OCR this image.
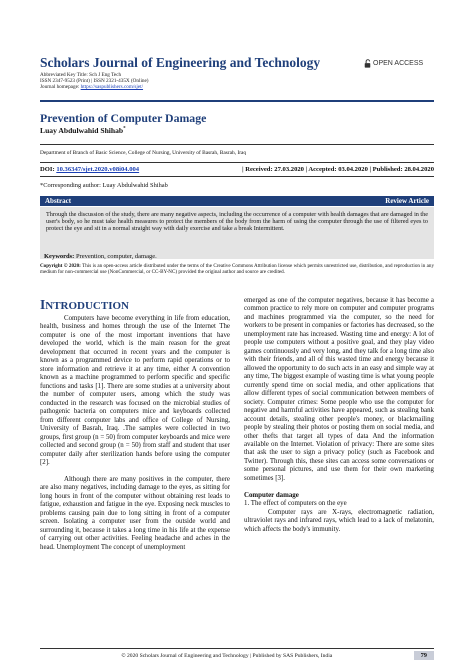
Scholars Journal of Engineering and Technology	OPEN ACCESS
Abbreviated Key Title: Sch J Eng Tech
ISSN 2347-9523 (Print) | ISSN 2321-435X (Online)
Journal homepage: https://saspublishers.com/sjet/
Prevention of Computer Damage
Luay Abdulwahid Shihab*
Department of Branch of Basic Science, College of Nursing, University of Basrah, Basrah, Iraq
DOI: 10.36347/sjet.2020.v08i04.004	| Received: 27.03.2020 | Accepted: 03.04.2020 | Published: 28.04.2020
*Corresponding author: Luay Abdulwahid Shihab
Abstract	Review Article
Through the discussion of the study, there are many negative aspects, including the occurrence of a computer with health damages that are damaged in the user's body, so he must take health measures to protect the members of the body from the harm of using the computer through the use of filtered eyes to protect the eye and sit in a normal straight way with daily exercise and take a break Intermittent.
Keywords: Prevention, computer, damage.
Copyright © 2020: This is an open-access article distributed under the terms of the Creative Commons Attribution license which permits unrestricted use, distribution, and reproduction in any medium for non-commercial use (NonCommercial, or CC-BY-NC) provided the original author and source are credited.
INTRODUCTION

Computers have become everything in life from education, health, business and homes through the use of the Internet The computer is one of the most important inventions that have developed the world, which is the main reason for the great development that occurred in recent years and the computer is known as a programmed device to perform rapid operations or to store information and retrieve it at any time, either A convention known as a machine programmed to perform specific and specific functions and tasks [1]. There are some studies at a university about the number of computer users, among which the study was conducted in the research was focused on the microbial studies of pathogenic bacteria on computers mice and keyboards collected from different computer labs and office of College of Nursing, University of Basrah, Iraq. .The samples were collected in two groups, first group (n = 50) from computer keyboards and mice were collected and second group (n = 50) from staff and student that user computer daily after sterilization hands before using the computer [2].

Although there are many positives in the computer, there are also many negatives, including damage to the eyes, as sitting for long hours in front of the computer without obtaining rest leads to fatigue, exhaustion and fatigue in the eye. Exposing neck muscles to problems causing pain due to long sitting in front of a computer screen. Isolating a computer user from the outside world and surrounding it, because it takes a long time in his life at the expense of carrying out other activities. Feeling headache and aches in the head. Unemployment The concept of unemployment

emerged as one of the computer negatives, because it has become a common practice to rely more on computer and computer programs and machines programmed via the computer, so the need for workers to be present in companies or factories has decreased, so the unemployment rate has increased. Wasting time and energy: A lot of people use computers without a positive goal, and they play video games continuously and very long, and they talk for a long time also with their friends, and all of this wasted time and energy because it allowed the opportunity to do such acts in an easy and simple way at any time, The biggest example of wasting time is what young people currently spend time on social media, and other applications that allow different types of social communication between members of society. Computer crimes: Some people who use the computer for negative and harmful activities have appeared, such as stealing bank account details, stealing other people's money, or blackmailing people by stealing their photos or posting them on social media, and other thefts that target all types of data And the information available on the Internet. Violation of privacy: There are some sites that ask the user to sign a privacy policy (such as Facebook and Twitter). Through this, these sites can access some conversations or some personal pictures, and use them for their own marketing sometimes [3].

Computer damage

1. The effect of computers on the eye

Computer rays are X-rays, electromagnetic radiation, ultraviolet rays and infrared rays, which lead to a lack of melatonin, which affects the body's immunity.

© 2020 Scholars Journal of Engineering and Technology | Published by SAS Publishers, India	79
